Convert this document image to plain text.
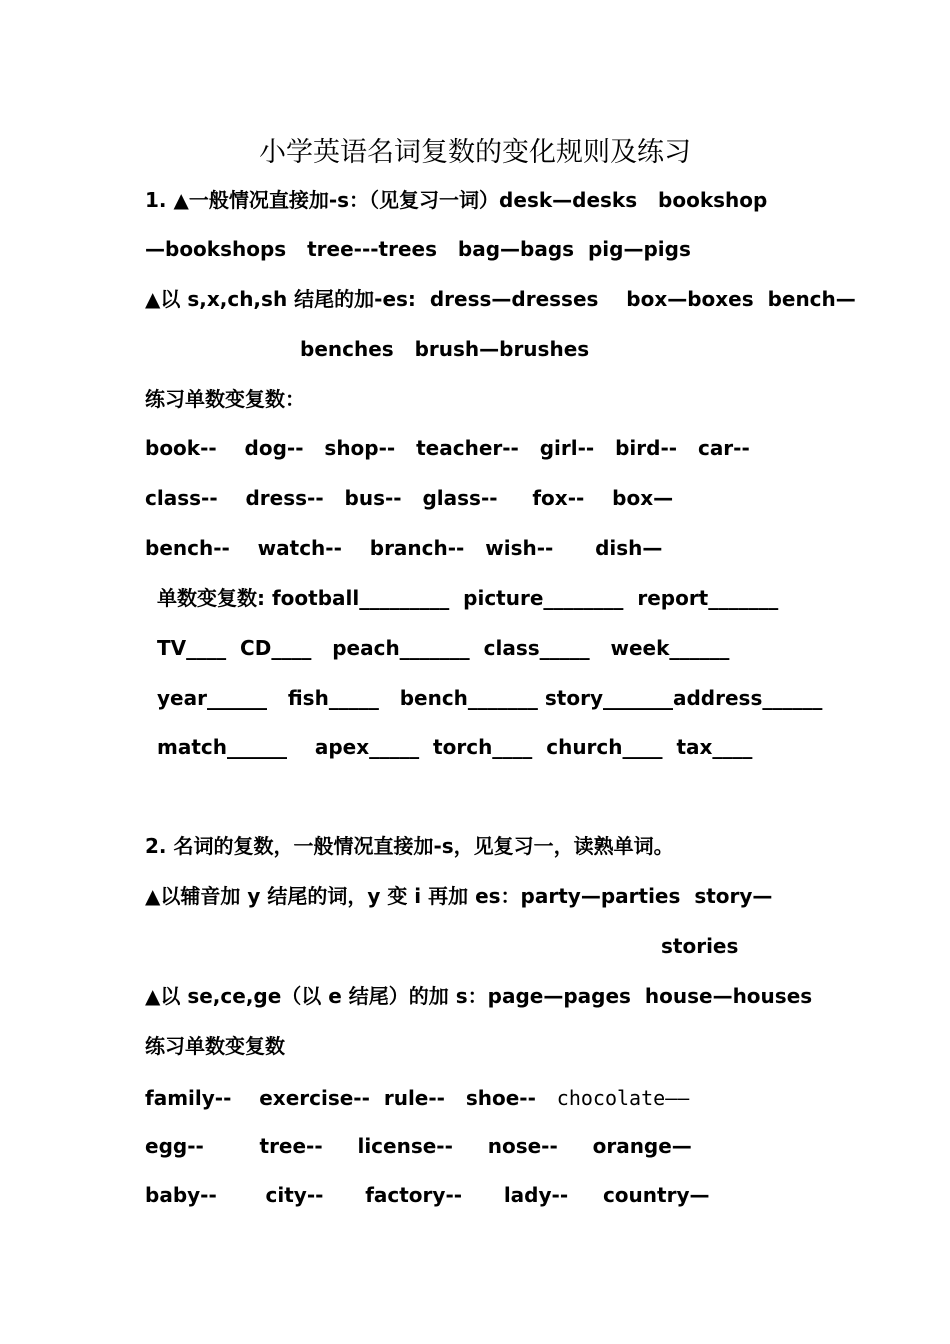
小学英语名词复数的变化规则及练习
1. ▲一般情况直接加-s：（见复习一词）desk—desks   bookshop
—bookshops   tree---trees   bag—bags  pig—pigs
▲以 s,x,ch,sh 结尾的加-es:  dress—dresses    box—boxes  bench—
benches   brush—brushes
练习单数变复数：
book--    dog--   shop--   teacher--   girl--   bird--   car--
class--    dress--   bus--   glass--     fox--    box—
bench--    watch--    branch--   wish--      dish—
单数变复数: football_________  picture________  report_______
TV____  CD____   peach_______  class_____   week______
year______   fish_____   bench_______ story_______address______
match______    apex_____  torch____  church____  tax____
2. 名词的复数，一般情况直接加-s，见复习一，读熟单词。
▲以辅音加 y 结尾的词，y 变 i 再加 es：party—parties  story—
stories
▲以 se,ce,ge（以 e 结尾）的加 s：page—pages  house—houses
练习单数变复数
family--    exercise--  rule--   shoe--   chocolate——
egg--        tree--     license--     nose--     orange—
baby--       city--      factory--      lady--     country—
